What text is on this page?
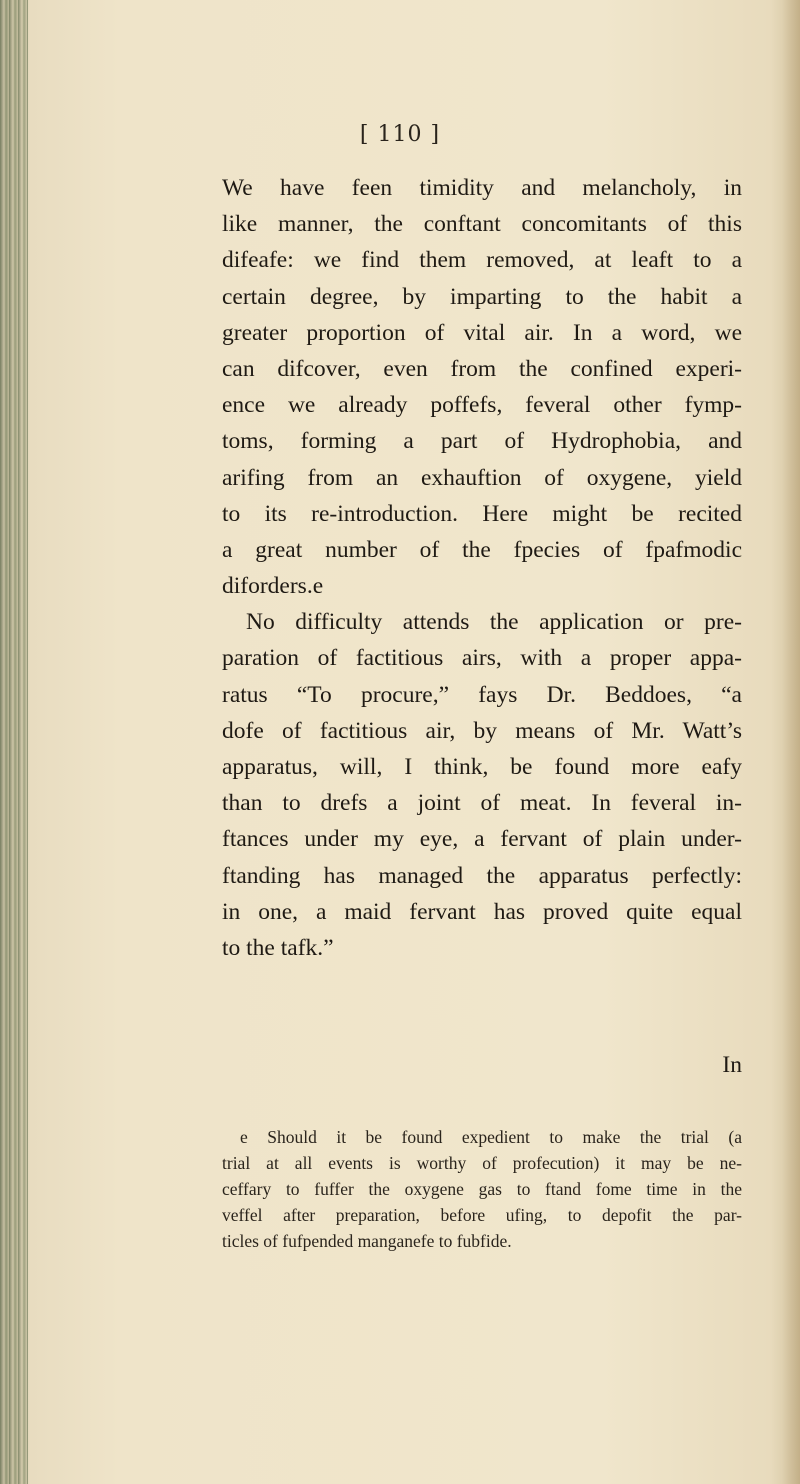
[ 110 ]
We have feen timidity and melancholy, in
like manner, the conftant concomitants of this
difeafe: we find them removed, at leaft to a
certain degree, by imparting to the habit a
greater proportion of vital air. In a word, we
can difcover, even from the confined experi-
ence we already poffefs, feveral other fymp-
toms, forming a part of Hydrophobia, and
arifing from an exhauftion of oxygene, yield
to its re-introduction. Here might be recited
a great number of the fpecies of fpafmodic
diforders.e
No difficulty attends the application or pre-
paration of factitious airs, with a proper appa-
ratus “To procure,” fays Dr. Beddoes, “a
dofe of factitious air, by means of Mr. Watt’s
apparatus, will, I think, be found more eafy
than to drefs a joint of meat. In feveral in-
ftances under my eye, a fervant of plain under-
ftanding has managed the apparatus perfectly:
in one, a maid fervant has proved quite equal
to the tafk.”
In
e Should it be found expedient to make the trial (a
trial at all events is worthy of profecution) it may be ne-
ceffary to fuffer the oxygene gas to ftand fome time in the
veffel after preparation, before ufing, to depofit the par-
ticles of fufpended manganefe to fubfide.
